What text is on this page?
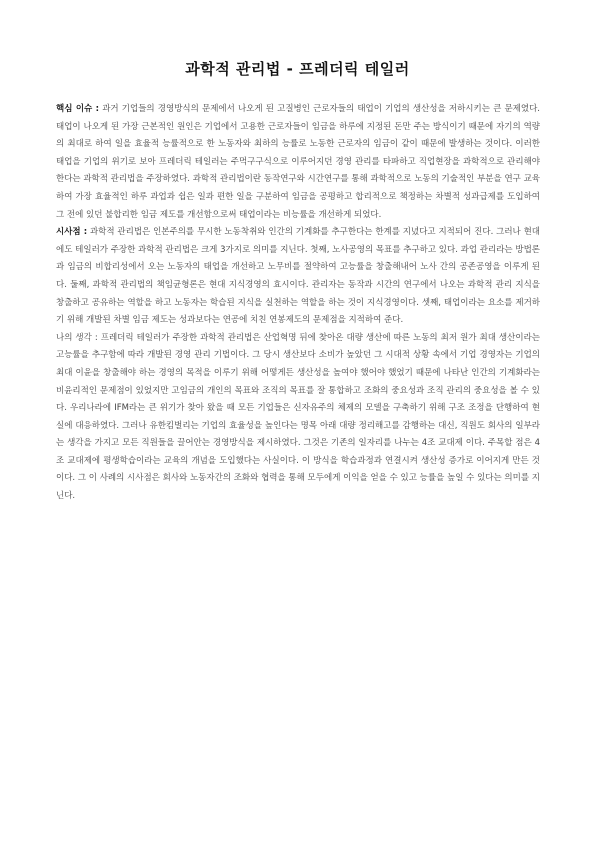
과학적 관리법 - 프레더릭 테일러

핵심 이슈 : 과거 기업들의 경영방식의 문제에서 나오게 된 고질병인 근로자들의 태업이 기업의 생산성을 저하시키는 큰 문제였다. 태업이 나오게 된 가장 근본적인 원인은 기업에서 고용한 근로자들이 임금을 하루에 지정된 돈만 주는 방식이기 때문에 자기의 역량의 최대로 하여 일을 효율적 능률적으로 한 노동자와 최하의 능률로 노동한 근로자의 임금이 같이 때문에 발생하는 것이다. 이러한 태업을 기업의 위기로 보아 프레더릭 테일러는 주먹구구식으로 이루어지던 경영 관리를 타파하고 직업현장을 과학적으로 관리해야 한다는 과학적 관리법을 주장하였다. 과학적 관리법이란 동작연구와 시간연구를 통해 과학적으로 노동의 기술적인 부분을 연구 교육하여 가장 효율적인 하루 과업과 쉽은 일과 편한 일을 구분하여 임금을 공평하고 합리적으로 책정하는 차별적 성과급제를 도입하여 그 전에 있던 불합리한 임금 제도를 개선함으로써 태업이라는 비능률을 개선하게 되었다.

시사점 : 과학적 관리법은 인본주의를 무시한 노동착취와 인간의 기계화를 추구한다는 한계를 지녔다고 지적되어 진다. 그러나 현대에도 테일러가 주장한 과학적 관리법은 크게 3가지로 의미를 지닌다. 첫째, 노사공영의 목표를 추구하고 있다. 과업 관리라는 방법론과 임금의 비합리성에서 오는 노동자의 태업을 개선하고 노무비를 절약하여 고능률을 창출해내어 노사 간의 공존공영을 이루게 된다. 둘째, 과학적 관리법의 책임균형론은 현대 지식경영의 효시이다. 관리자는 동작과 시간의 연구에서 나오는 과학적 관리 지식을 창출하고 공유하는 역할을 하고 노동자는 학습된 지식을 실천하는 역할을 하는 것이 지식경영이다. 셋째, 태업이라는 요소를 제거하기 위해 개발된 차별 임금 제도는 성과보다는 연공에 치친 연봉제도의 문제점을 지적하여 준다.

나의 생각 : 프레더릭 테일러가 주장한 과학적 관리법은 산업혁명 뒤에 찾아온 대량 생산에 따른 노동의 최저 원가 최대 생산이라는 고능률을 추구함에 따라 개발된 경영 관리 기법이다. 그 당시 생산보다 소비가 높았던 그 시대적 상황 속에서 기업 경영자는 기업의 최대 이윤을 창출해야 하는 경영의 목적을 이루기 위해 어떻게든 생산성을 높여야 했어야 했었기 때문에 나타난 인간의 기계화라는 비윤리적인 문제점이 있었지만 고임금의 개인의 목표와 조직의 목표를 잘 통합하고 조화의 중요성과 조직 관리의 중요성을 볼 수 있다. 우리나라에 IFM라는 큰 위기가 찾아 왔을 때 모든 기업들은 신자유주의 체제의 모델을 구축하기 위해 구조 조정을 단행하여 현실에 대응하였다. 그러나 유한킴벌리는 기업의 효율성을 높인다는 명목 아래 대량 정리해고를 감행하는 대신, 직원도 회사의 일부라는 생각을 가지고 모든 직원들을 끌어안는 경영방식을 제시하였다. 그것은 기존의 일자리를 나누는 4조 교대제 이다. 주목할 점은 4조 교대제에 평생학습이라는 교육의 개념을 도입했다는 사실이다. 이 방식을 학습과정과 연결시켜 생산성 증가로 이어지게 만든 것이다. 그 이 사례의 시사점은 회사와 노동자간의 조화와 협력을 통해 모두에게 이익을 얻을 수 있고 능률을 높일 수 있다는 의미를 지닌다.
